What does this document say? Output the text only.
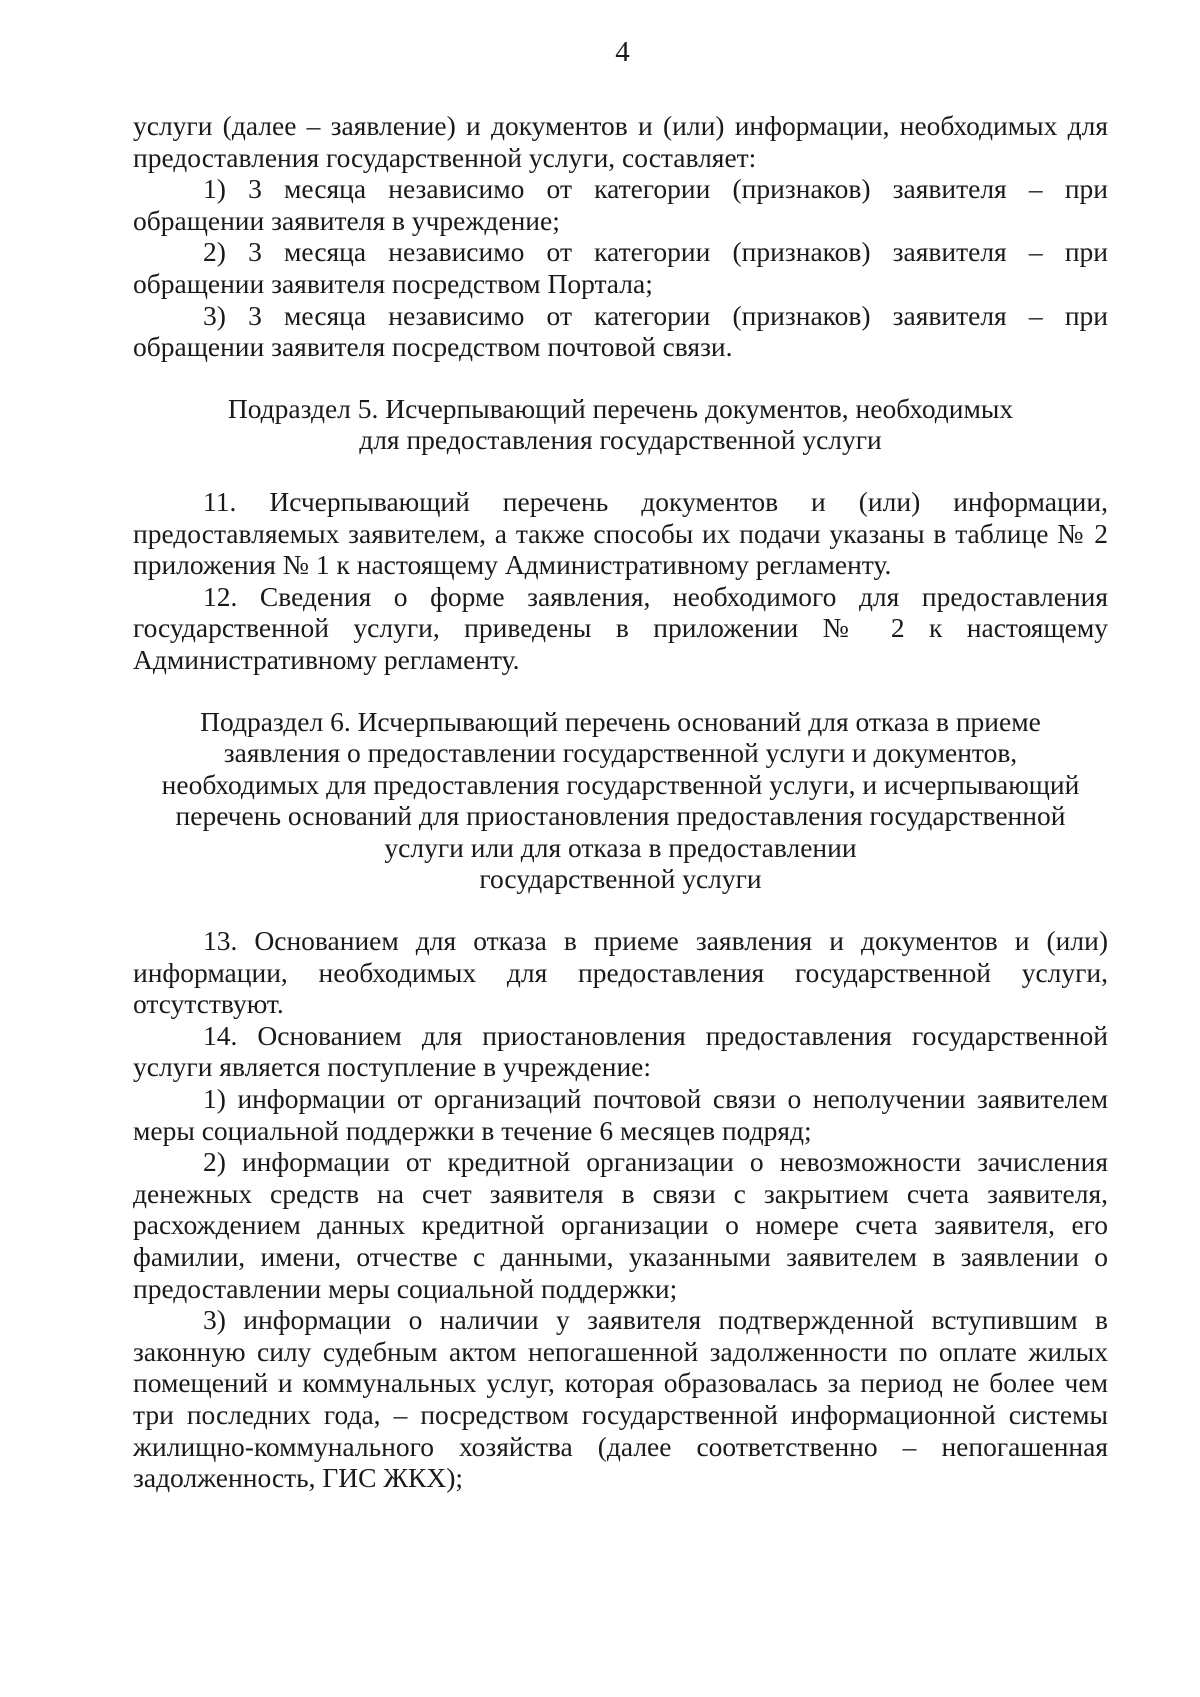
4

услуги (далее – заявление) и документов и (или) информации, необходимых для предоставления государственной услуги, составляет:

1) 3 месяца независимо от категории (признаков) заявителя – при обращении заявителя в учреждение;

2) 3 месяца независимо от категории (признаков) заявителя – при обращении заявителя посредством Портала;

3) 3 месяца независимо от категории (признаков) заявителя – при обращении заявителя посредством почтовой связи.

Подраздел 5. Исчерпывающий перечень документов, необходимых
для предоставления государственной услуги

11. Исчерпывающий перечень документов и (или) информации, предоставляемых заявителем, а также способы их подачи указаны в таблице № 2 приложения № 1 к настоящему Административному регламенту.

12. Сведения о форме заявления, необходимого для предоставления государственной услуги, приведены в приложении № 2 к настоящему Административному регламенту.

Подраздел 6. Исчерпывающий перечень оснований для отказа в приеме
заявления о предоставлении государственной услуги и документов,
необходимых для предоставления государственной услуги, и исчерпывающий
перечень оснований для приостановления предоставления государственной
услуги или для отказа в предоставлении
государственной услуги

13. Основанием для отказа в приеме заявления и документов и (или) информации, необходимых для предоставления государственной услуги, отсутствуют.

14. Основанием для приостановления предоставления государственной услуги является поступление в учреждение:

1) информации от организаций почтовой связи о неполучении заявителем меры социальной поддержки в течение 6 месяцев подряд;

2) информации от кредитной организации о невозможности зачисления денежных средств на счет заявителя в связи с закрытием счета заявителя, расхождением данных кредитной организации о номере счета заявителя, его фамилии, имени, отчестве с данными, указанными заявителем в заявлении о предоставлении меры социальной поддержки;

3) информации о наличии у заявителя подтвержденной вступившим в законную силу судебным актом непогашенной задолженности по оплате жилых помещений и коммунальных услуг, которая образовалась за период не более чем три последних года, – посредством государственной информационной системы жилищно-коммунального хозяйства (далее соответственно – непогашенная задолженность, ГИС ЖКХ);
